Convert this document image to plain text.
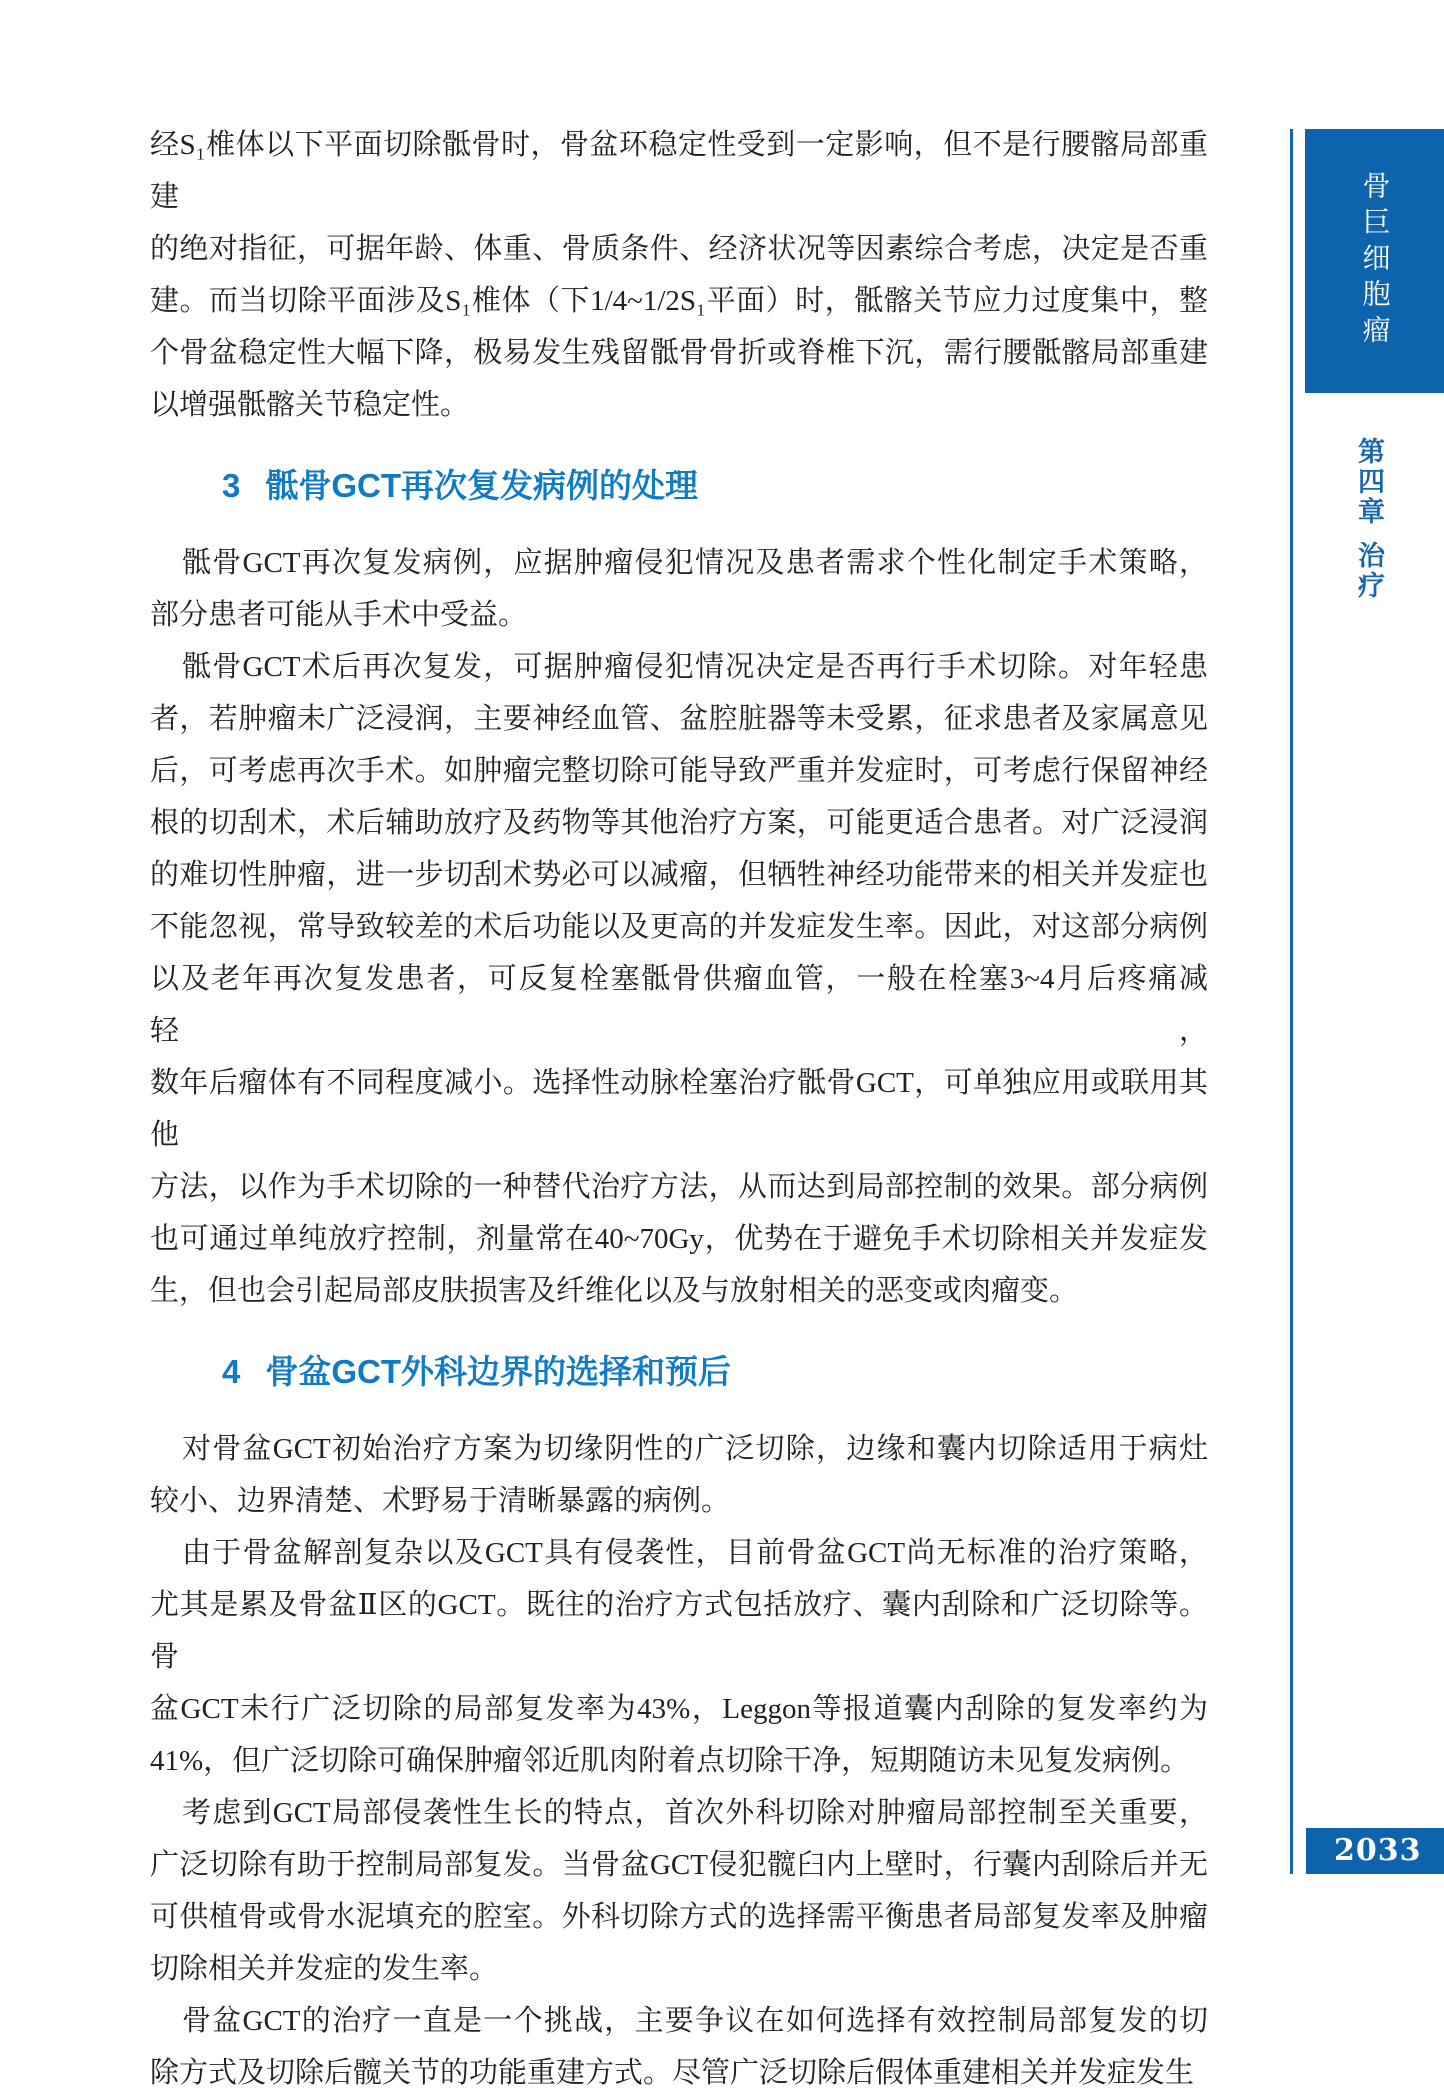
经S₁椎体以下平面切除骶骨时，骨盆环稳定性受到一定影响，但不是行腰髂局部重建
的绝对指征，可据年龄、体重、骨质条件、经济状况等因素综合考虑，决定是否重
建。而当切除平面涉及S₁椎体（下1/4~1/2S₁平面）时，骶髂关节应力过度集中，整
个骨盆稳定性大幅下降，极易发生残留骶骨骨折或脊椎下沉，需行腰骶髂局部重建
以增强骶髂关节稳定性。

3 骶骨GCT再次复发病例的处理

骶骨GCT再次复发病例，应据肿瘤侵犯情况及患者需求个性化制定手术策略，
部分患者可能从手术中受益。

骶骨GCT术后再次复发，可据肿瘤侵犯情况决定是否再行手术切除。对年轻患
者，若肿瘤未广泛浸润，主要神经血管、盆腔脏器等未受累，征求患者及家属意见
后，可考虑再次手术。如肿瘤完整切除可能导致严重并发症时，可考虑行保留神经
根的切刮术，术后辅助放疗及药物等其他治疗方案，可能更适合患者。对广泛浸润
的难切性肿瘤，进一步切刮术势必可以减瘤，但牺牲神经功能带来的相关并发症也
不能忽视，常导致较差的术后功能以及更高的并发症发生率。因此，对这部分病例
以及老年再次复发患者，可反复栓塞骶骨供瘤血管，一般在栓塞3~4月后疼痛减轻，
数年后瘤体有不同程度减小。选择性动脉栓塞治疗骶骨GCT，可单独应用或联用其他
方法，以作为手术切除的一种替代治疗方法，从而达到局部控制的效果。部分病例
也可通过单纯放疗控制，剂量常在40~70Gy，优势在于避免手术切除相关并发症发
生，但也会引起局部皮肤损害及纤维化以及与放射相关的恶变或肉瘤变。

4 骨盆GCT外科边界的选择和预后

对骨盆GCT初始治疗方案为切缘阴性的广泛切除，边缘和囊内切除适用于病灶
较小、边界清楚、术野易于清晰暴露的病例。

由于骨盆解剖复杂以及GCT具有侵袭性，目前骨盆GCT尚无标准的治疗策略，
尤其是累及骨盆Ⅱ区的GCT。既往的治疗方式包括放疗、囊内刮除和广泛切除等。骨
盆GCT未行广泛切除的局部复发率为43%，Leggon等报道囊内刮除的复发率约为
41%，但广泛切除可确保肿瘤邻近肌肉附着点切除干净，短期随访未见复发病例。

考虑到GCT局部侵袭性生长的特点，首次外科切除对肿瘤局部控制至关重要，
广泛切除有助于控制局部复发。当骨盆GCT侵犯髋臼内上壁时，行囊内刮除后并无
可供植骨或骨水泥填充的腔室。外科切除方式的选择需平衡患者局部复发率及肿瘤
切除相关并发症的发生率。

骨盆GCT的治疗一直是一个挑战，主要争议在如何选择有效控制局部复发的切
除方式及切除后髋关节的功能重建方式。尽管广泛切除后假体重建相关并发症发生

骨巨细胞瘤
第四章治疗
2033
